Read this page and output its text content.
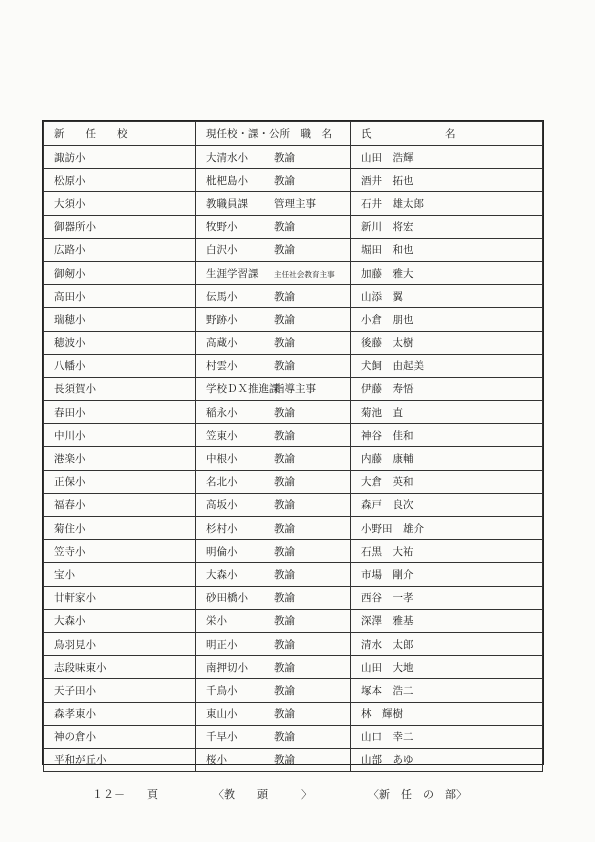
新　　任　　校	現任校・課・公所　職　名	氏　　　　　　　名
諏訪小	大清水小 教諭	山田　浩輝
松原小	枇杷島小 教諭	酒井　拓也
大須小	教職員課 管理主事	石井　雄太郎
御器所小	牧野小 教諭	新川　将宏
広路小	白沢小 教諭	堀田　和也
御剱小	生涯学習課 主任社会教育主事	加藤　雅大
高田小	伝馬小 教諭	山添　翼
瑞穂小	野跡小 教諭	小倉　朋也
穂波小	高蔵小 教諭	後藤　太樹
八幡小	村雲小 教諭	犬飼　由起美
長須賀小	学校ＤＸ推進課指導主事	伊藤　寿悟
春田小	稲永小 教諭	菊池　直
中川小	笠東小 教諭	神谷　佳和
港楽小	中根小 教諭	内藤　康輔
正保小	名北小 教諭	大倉　英和
福春小	高坂小 教諭	森戸　良次
菊住小	杉村小 教諭	小野田　雄介
笠寺小	明倫小 教諭	石黒　大祐
宝小	大森小 教諭	市場　剛介
廿軒家小	砂田橋小 教諭	西谷　一孝
大森小	栄小 教諭	深澤　雅基
鳥羽見小	明正小 教諭	清水　太郎
志段味東小	南押切小 教諭	山田　大地
天子田小	千鳥小 教諭	塚本　浩二
森孝東小	東山小 教諭	林　輝樹
神の倉小	千早小 教諭	山口　幸二
平和が丘小	桜小 教諭	山部　あゆ
１２－　　頁	〈教　　頭　　　〉	〈新　任　の　部〉
